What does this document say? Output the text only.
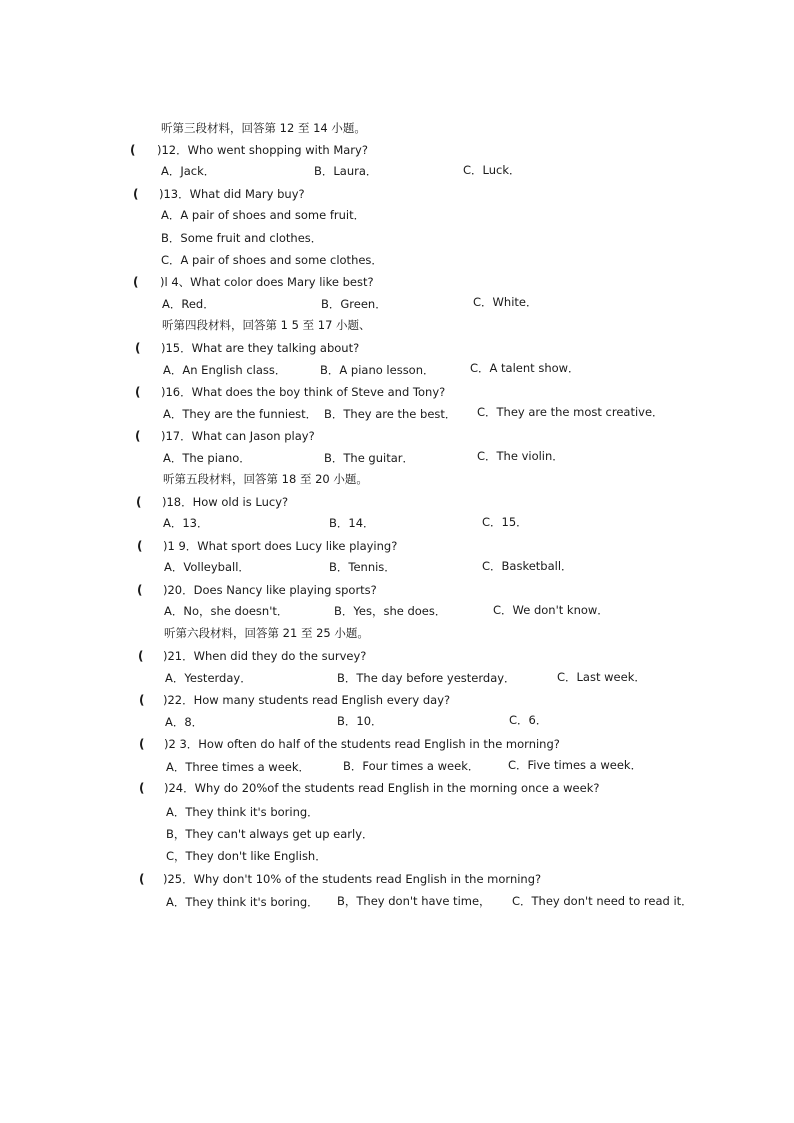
听第三段材料，回答第 12 至 14 小题。
( )12．Who went shopping with Mary?
A．Jack．	B．Laura．	C．Luck．
( )13．What did Mary buy?
A．A pair of shoes and some fruit．
B．Some fruit and clothes．
C．A pair of shoes and some clothes．
( )l 4、What color does Mary like best?
A．Red．	B．Green．	C．White．
听第四段材料，回答第 1 5 至 17 小题、
( )15．What are they talking about?
A．An English class．	B．A piano lesson．	C．A talent show．
( )16．What does the boy think of Steve and Tony?
A．They are the funniest． B．They are the best． C．They are the most creative．
( )17．What can Jason play?
A．The piano．	B．The guitar．	C．The violin．
听第五段材料，回答第 18 至 20 小题。
( )18．How old is Lucy?
A．13．	B．14．	C．15．
( )1 9．What sport does Lucy like playing?
A．Volleyball．	B．Tennis．	C．Basketball．
( )20．Does Nancy like playing sports?
A．No，she doesn't．	B．Yes，she does．	C．We don't know．
听第六段材料，回答第 21 至 25 小题。
( )21．When did they do the survey?
A．Yesterday．	B．The day before yesterday．	C．Last week．
( )22．How many students read English every day?
A．8．	B．10．	C．6．
( )2 3．How often do half of the students read English in the morning?
A．Three times a week．	B．Four times a week． C．Five times a week．
( )24．Why do 20%of the students read English in the morning once a week?
A．They think it's boring．
B，They can't always get up early．
C，They don't like English．
( )25．Why don't 10% of the students read English in the morning?
A．They think it's boring． B，They don't have time， C．They don't need to read it．
